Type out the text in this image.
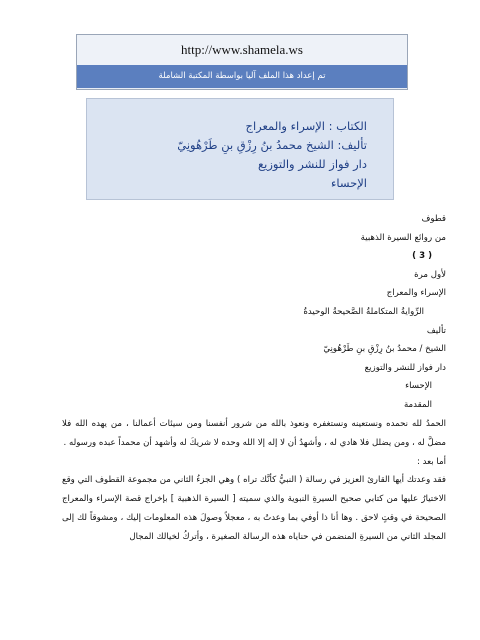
http://www.shamela.ws
تم إعداد هذا الملف آليا بواسطة المكتبة الشاملة
الكتاب : الإسراء والمعراج
تأليف: الشيخ محمدُ بنُ رِزْقِ بنِ طَرْهُونِيّ
دار فواز للنشر والتوزيع
الإحساء
قطوف
من روائع السيرة الذهبية
( 3 )
لأول مرة
الإسراء والمعراج
الرِّوايةُ المتكاملةُ الصَّحيحةُ الوحيدةُ
تأليف
الشيخ / محمدُ بنُ رِزْقِ بنِ طَرْهُونِيّ
دار فواز للنشر والتوزيع
الإحساء
المقدمة

الحمدُ لله نحمده ونستعينه ونستغفره ونعوذ بالله من شرور أنفسنا ومن سيئات أعمالنا ، من يهده الله فلا مضلَّ له ، ومن يضلل فلا هادي له ، وأشهدُ أن لا إله إلا الله وحده لا شريكَ له وأشهد أن محمداً عبده ورسوله .

أما بعد :

فقد وعدتك أيها القارئ العزيز في رسالة ( النبيُّ كأنَّك تراه ) وهي الجزءُ الثاني من مجموعة القطوف التي وقع الاختيارُ عليها من كتابي صحيح السيرةِ النبوية والذي سميته [ السيرة الذهبية ] بإخراج قصة الإسراء والمعراج الصحيحة في وقتٍ لاحق . وها أنا ذا أوفي بما وعدتُ به ، معجلاً وصولَ هذه المعلومات إليك ، ومشوقاً لك إلى المجلد الثاني من السيرةِ المنضمن في حناياه هذه الرسالة الصغيرة ، وأتركُ لخيالك المجال
